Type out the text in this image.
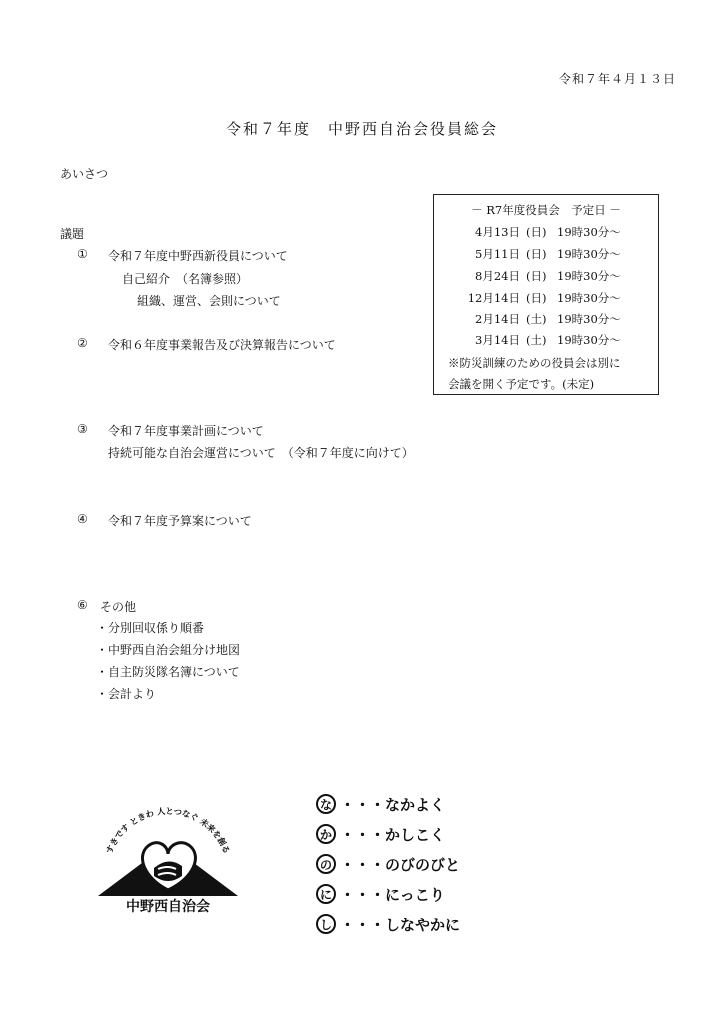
令和７年４月１３日
令和７年度　中野西自治会役員総会
あいさつ
議題
① 令和７年度中野西新役員について
自己紹介　（名簿参照）
組織、運営、会則について
② 令和６年度事業報告及び決算報告について
③ 令和７年度事業計画について
持続可能な自治会運営について　（令和７年度に向けて）
④ 令和７年度予算案について
⑥ その他
・分別回収係り順番
・中野西自治会組分け地図
・自主防災隊名簿について
・会計より
－ R7年度役員会　予定日 －
4月13日 (日) 19時30分～
5月11日 (日) 19時30分～
8月24日 (日) 19時30分～
12月14日 (日) 19時30分～
2月14日 (土) 19時30分～
3月14日 (土) 19時30分～
※防災訓練のための役員会は別に
会議を開く予定です。(未定)
すきです ときわ 人とつなぐ 未来を創る
中野西自治会
な ・・・なかよく
か ・・・かしこく
の ・・・のびのびと
に ・・・にっこり
し ・・・しなやかに
